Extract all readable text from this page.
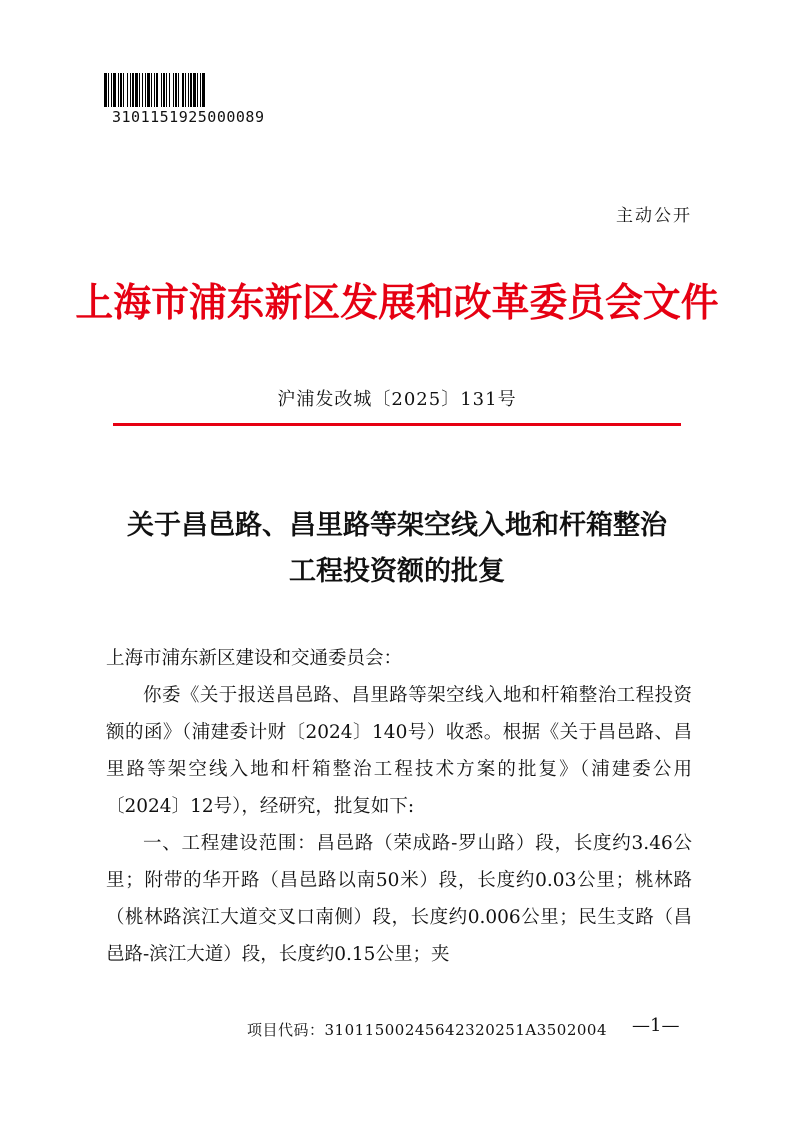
3101151925000089
主动公开
上海市浦东新区发展和改革委员会文件
沪浦发改城〔2025〕131号
关于昌邑路、昌里路等架空线入地和杆箱整治
工程投资额的批复

上海市浦东新区建设和交通委员会：

你委《关于报送昌邑路、昌里路等架空线入地和杆箱整治工程投资额的函》（浦建委计财〔2024〕140号）收悉。根据《关于昌邑路、昌里路等架空线入地和杆箱整治工程技术方案的批复》（浦建委公用〔2024〕12号），经研究，批复如下:

一、工程建设范围：昌邑路（荣成路-罗山路）段，长度约3.46公里；附带的华开路（昌邑路以南50米）段，长度约0.03公里；桃林路（桃林路滨江大道交叉口南侧）段，长度约0.006公里；民生支路（昌邑路-滨江大道）段，长度约0.15公里；夹

项目代码：31011500245642320251A3502004 —1—
